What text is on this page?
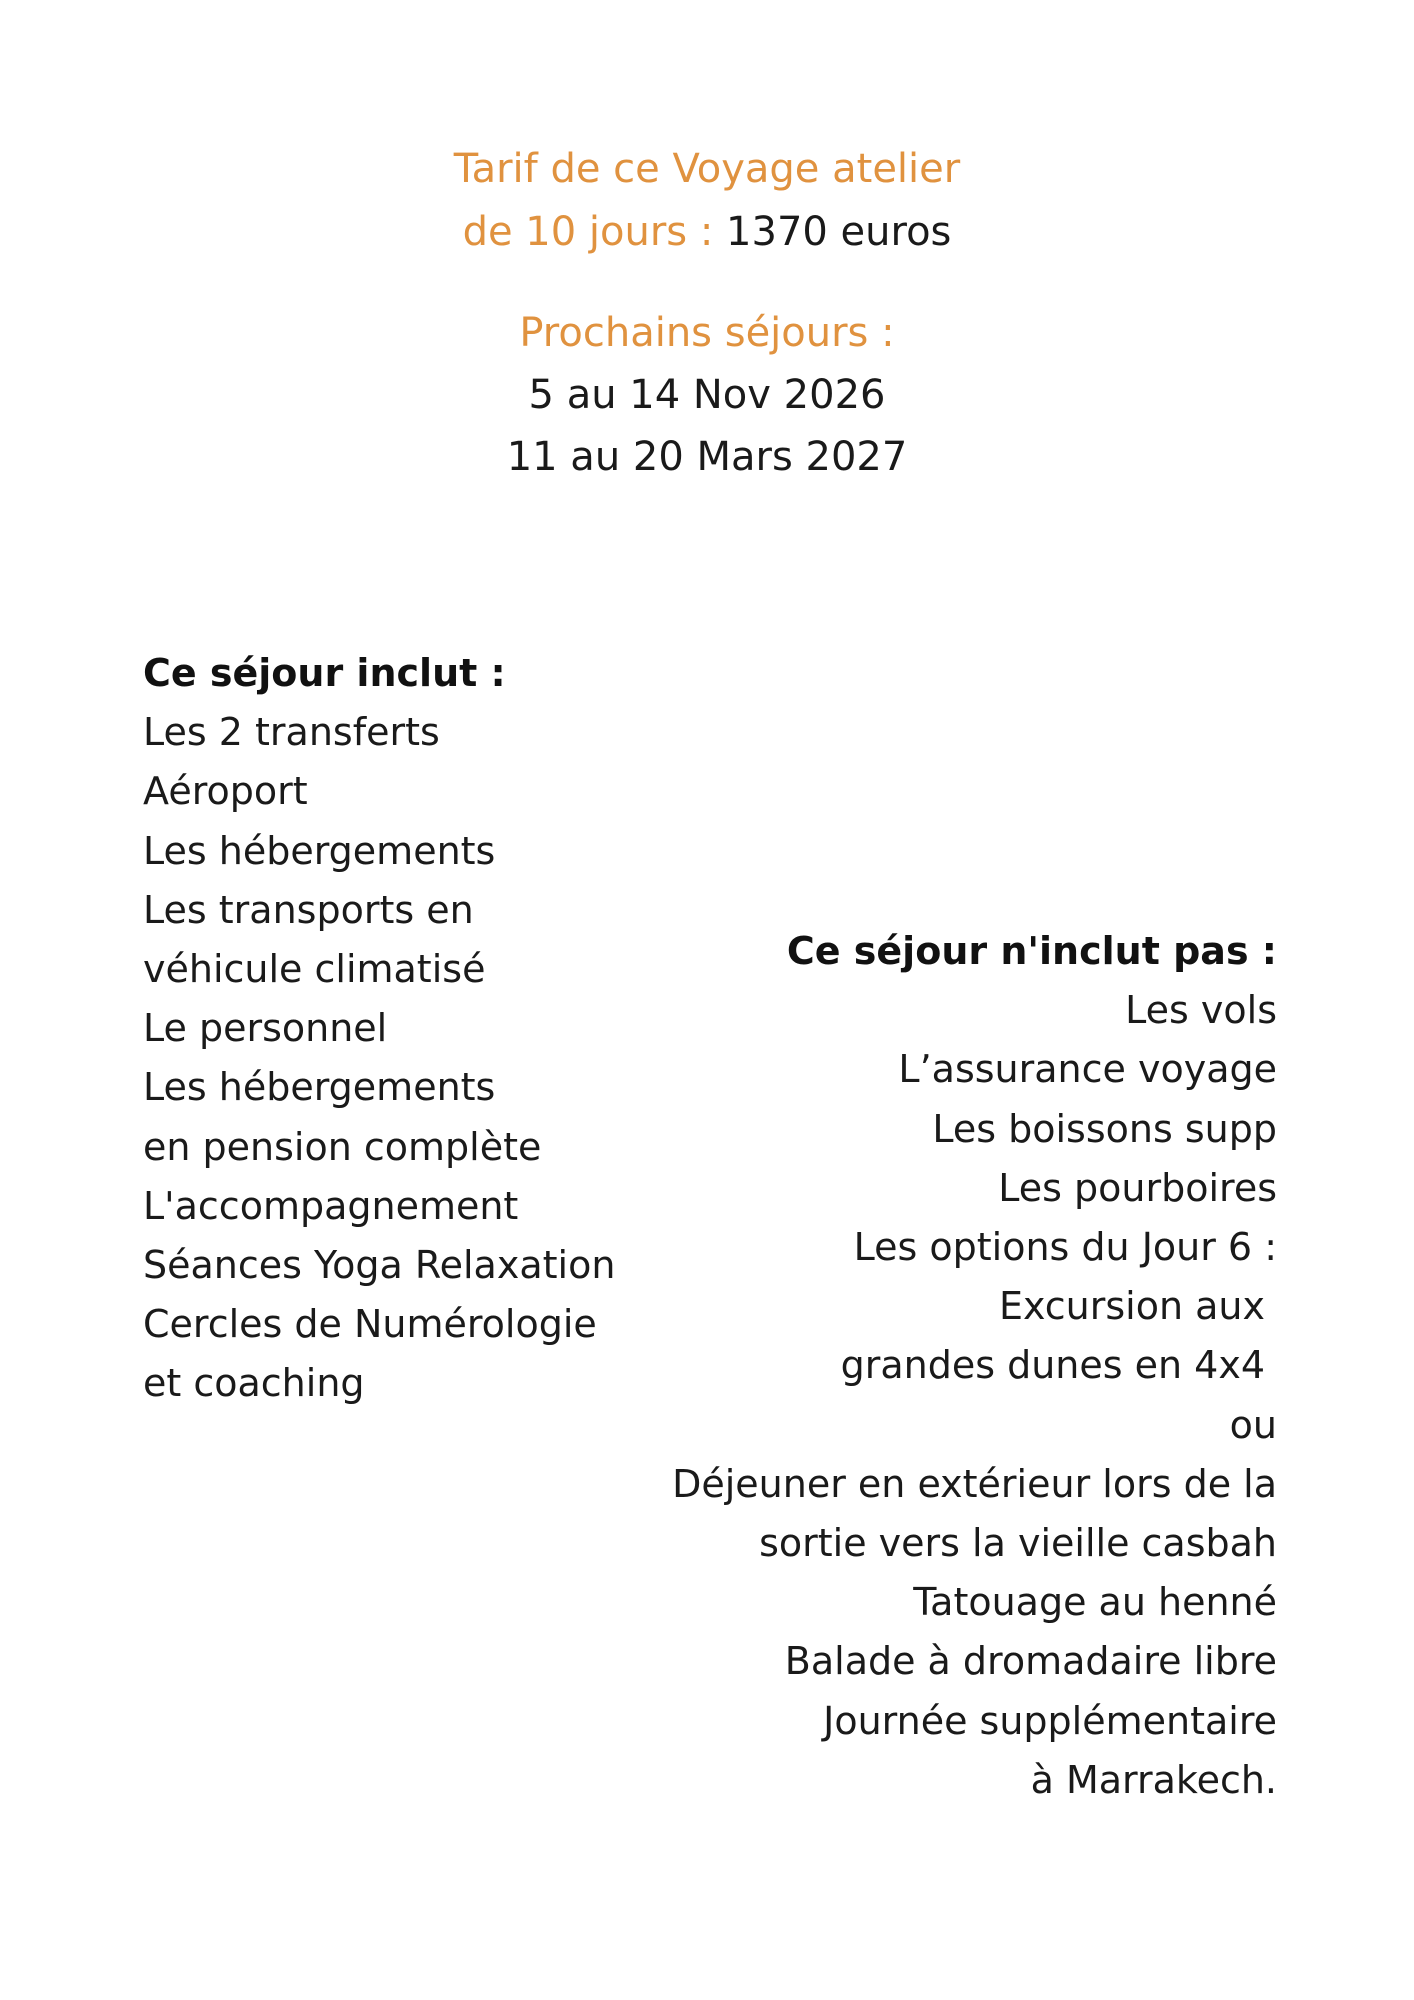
Tarif de ce Voyage atelier
de 10 jours : 1370 euros
Prochains séjours :
5 au 14 Nov 2026
11 au 20 Mars 2027
Ce séjour inclut :
Les 2 transferts
Aéroport
Les hébergements
Les transports en
véhicule climatisé
Le personnel
Les hébergements
en pension complète
L'accompagnement
Séances Yoga Relaxation
Cercles de Numérologie
et coaching
Ce séjour n'inclut pas :
Les vols
L’assurance voyage
Les boissons supp
Les pourboires
Les options du Jour 6 :
Excursion aux
grandes dunes en 4x4
ou
Déjeuner en extérieur lors de la
sortie vers la vieille casbah
Tatouage au henné
Balade à dromadaire libre
Journée supplémentaire
à Marrakech.
